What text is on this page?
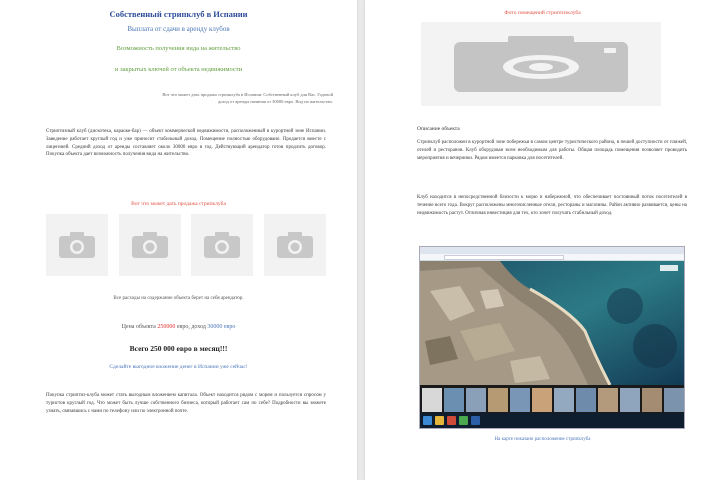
Собственный стрипклуб в Испании
Выплата от сдачи в аренду клубов
Возможность получения вида на жительство
и закрытых ключей от объекта недвижимости
Вот что может дать продажа стрипклуба в Испании. Собственный клуб для Вас. Годовой доход от аренды начиная от 30000 евро. Вид на жительство.
Стриптизный клуб (дискотека, караоке-бар) — объект коммерческой недвижимости, расположенный в курортной зоне Испании. Заведение работает круглый год и уже приносит стабильный доход. Помещение полностью оборудовано. Продается вместе с лицензией. Средний доход от аренды составляет около 30000 евро в год. Действующий арендатор готов продлить договор. Покупка объекта дает возможность получения вида на жительство.
Вот что может дать продажа стрипклуба
Все расходы на содержание объекта берет на себя арендатор.
Цена объекта 250000 евро, доход 30000 евро
Всего 250 000 евро в месяц!!!
Сделайте выгодное вложение денег в Испании уже сейчас!
Покупка стриптиз-клуба может стать выгодным вложением капитала. Объект находится рядом с морем и пользуется спросом у туристов круглый год. Что может быть лучше собственного бизнеса, который работает сам по себе? Подробности вы можете узнать, связавшись с нами по телефону или по электронной почте.
Фото помещений стриптизклуба
Описание объекта
Стрипклуб расположен в курортной зоне побережья в самом центре туристического района, в пешей доступности от пляжей, отелей и ресторанов. Клуб оборудован всем необходимым для работы. Общая площадь помещения позволяет проводить мероприятия и вечеринки. Рядом имеется парковка для посетителей.
Клуб находится в непосредственной близости к морю и набережной, что обеспечивает постоянный поток посетителей в течение всего года. Вокруг расположены многочисленные отели, рестораны и магазины. Район активно развивается, цены на недвижимость растут. Отличная инвестиция для тех, кто хочет получать стабильный доход.
На карте показано расположение стрипклуба
